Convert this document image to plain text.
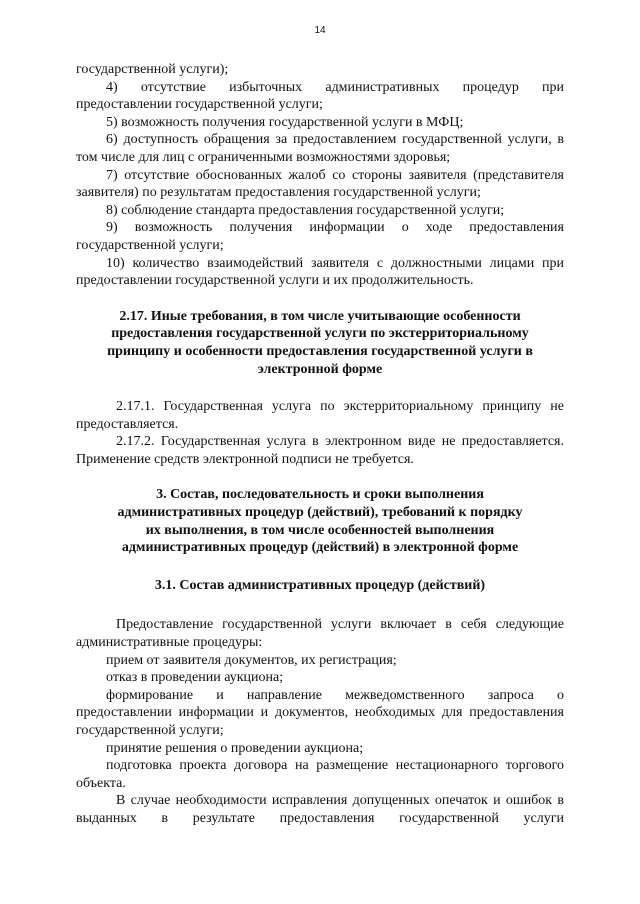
14

государственной услуги);

4) отсутствие избыточных административных процедур при предоставлении государственной услуги;

5) возможность получения государственной услуги в МФЦ;

6) доступность обращения за предоставлением государственной услуги, в том числе для лиц с ограниченными возможностями здоровья;

7) отсутствие обоснованных жалоб со стороны заявителя (представителя заявителя) по результатам предоставления государственной услуги;

8) соблюдение стандарта предоставления государственной услуги;

9) возможность получения информации о ходе предоставления государственной услуги;

10) количество взаимодействий заявителя с должностными лицами при предоставлении государственной услуги и их продолжительность.

2.17. Иные требования, в том числе учитывающие особенности предоставления государственной услуги по экстерриториальному принципу и особенности предоставления государственной услуги в электронной форме

2.17.1. Государственная услуга по экстерриториальному принципу не предоставляется.

2.17.2. Государственная услуга в электронном виде не предоставляется. Применение средств электронной подписи не требуется.

3. Состав, последовательность и сроки выполнения административных процедур (действий), требований к порядку их выполнения, в том числе особенностей выполнения административных процедур (действий) в электронной форме

3.1. Состав административных процедур (действий)

Предоставление государственной услуги включает в себя следующие административные процедуры:

прием от заявителя документов, их регистрация;

отказ в проведении аукциона;

формирование и направление межведомственного запроса о предоставлении информации и документов, необходимых для предоставления государственной услуги;

принятие решения о проведении аукциона;

подготовка проекта договора на размещение нестационарного торгового объекта.

В случае необходимости исправления допущенных опечаток и ошибок в выданных в результате предоставления государственной услуги
